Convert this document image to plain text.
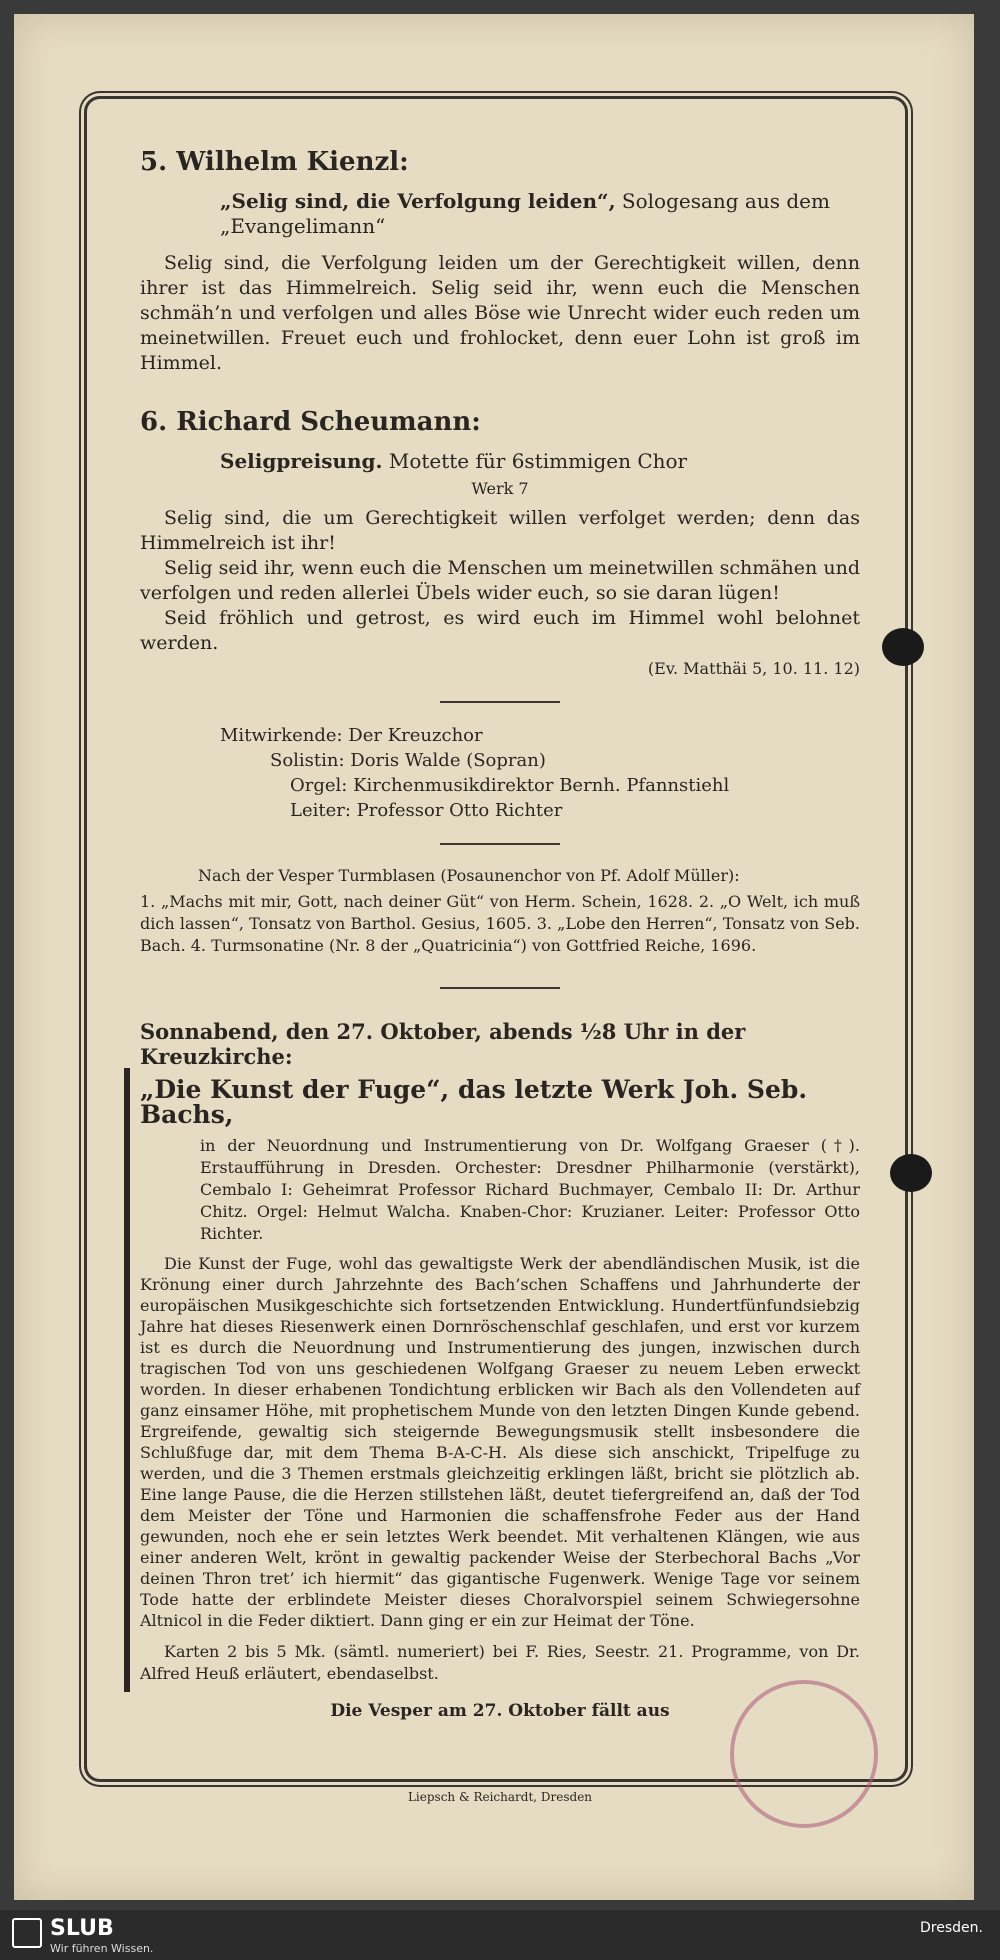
5. Wilhelm Kienzl:
„Selig sind, die Verfolgung leiden“, Sologesang aus dem „Evangelimann“

Selig sind, die Verfolgung leiden um der Gerechtigkeit willen, denn ihrer ist das Himmelreich. Selig seid ihr, wenn euch die Menschen schmäh’n und verfolgen und alles Böse wie Unrecht wider euch reden um meinetwillen. Freuet euch und frohlocket, denn euer Lohn ist groß im Himmel.

6. Richard Scheumann:
Seligpreisung. Motette für 6stimmigen Chor
Werk 7

Selig sind, die um Gerechtigkeit willen verfolget werden; denn das Himmelreich ist ihr!

Selig seid ihr, wenn euch die Menschen um meinetwillen schmähen und verfolgen und reden allerlei Übels wider euch, so sie daran lügen!

Seid fröhlich und getrost, es wird euch im Himmel wohl belohnet werden.

(Ev. Matthäi 5, 10. 11. 12)

Mitwirkende: Der Kreuzchor
Solistin: Doris Walde (Sopran)
Orgel: Kirchenmusikdirektor Bernh. Pfannstiehl
Leiter: Professor Otto Richter

Nach der Vesper Turmblasen (Posaunenchor von Pf. Adolf Müller):

1. „Machs mit mir, Gott, nach deiner Güt“ von Herm. Schein, 1628. 2. „O Welt, ich muß dich lassen“, Tonsatz von Barthol. Gesius, 1605. 3. „Lobe den Herren“, Tonsatz von Seb. Bach. 4. Turmsonatine (Nr. 8 der „Quatricinia“) von Gottfried Reiche, 1696.

Sonnabend, den 27. Oktober, abends ½8 Uhr in der Kreuzkirche:
„Die Kunst der Fuge“, das letzte Werk Joh. Seb. Bachs,

in der Neuordnung und Instrumentierung von Dr. Wolfgang Graeser (†). Erstaufführung in Dresden. Orchester: Dresdner Philharmonie (verstärkt), Cembalo I: Geheimrat Professor Richard Buchmayer, Cembalo II: Dr. Arthur Chitz. Orgel: Helmut Walcha. Knaben-Chor: Kruzianer. Leiter: Professor Otto Richter.

Die Kunst der Fuge, wohl das gewaltigste Werk der abendländischen Musik, ist die Krönung einer durch Jahrzehnte des Bach’schen Schaffens und Jahrhunderte der europäischen Musikgeschichte sich fortsetzenden Entwicklung. Hundertfünfundsiebzig Jahre hat dieses Riesenwerk einen Dornröschenschlaf geschlafen, und erst vor kurzem ist es durch die Neuordnung und Instrumentierung des jungen, inzwischen durch tragischen Tod von uns geschiedenen Wolfgang Graeser zu neuem Leben erweckt worden. In dieser erhabenen Tondichtung erblicken wir Bach als den Vollendeten auf ganz einsamer Höhe, mit prophetischem Munde von den letzten Dingen Kunde gebend. Ergreifende, gewaltig sich steigernde Bewegungsmusik stellt insbesondere die Schlußfuge dar, mit dem Thema B-A-C-H. Als diese sich anschickt, Tripelfuge zu werden, und die 3 Themen erstmals gleichzeitig erklingen läßt, bricht sie plötzlich ab. Eine lange Pause, die die Herzen stillstehen läßt, deutet tiefergreifend an, daß der Tod dem Meister der Töne und Harmonien die schaffensfrohe Feder aus der Hand gewunden, noch ehe er sein letztes Werk beendet. Mit verhaltenen Klängen, wie aus einer anderen Welt, krönt in gewaltig packender Weise der Sterbechoral Bachs „Vor deinen Thron tret’ ich hiermit“ das gigantische Fugenwerk. Wenige Tage vor seinem Tode hatte der erblindete Meister dieses Choralvorspiel seinem Schwiegersohne Altnicol in die Feder diktiert. Dann ging er ein zur Heimat der Töne.

Karten 2 bis 5 Mk. (sämtl. numeriert) bei F. Ries, Seestr. 21. Programme, von Dr. Alfred Heuß erläutert, ebendaselbst.

Die Vesper am 27. Oktober fällt aus
Liepsch & Reichardt, Dresden
SLUB
Wir führen Wissen.
Dresden.
